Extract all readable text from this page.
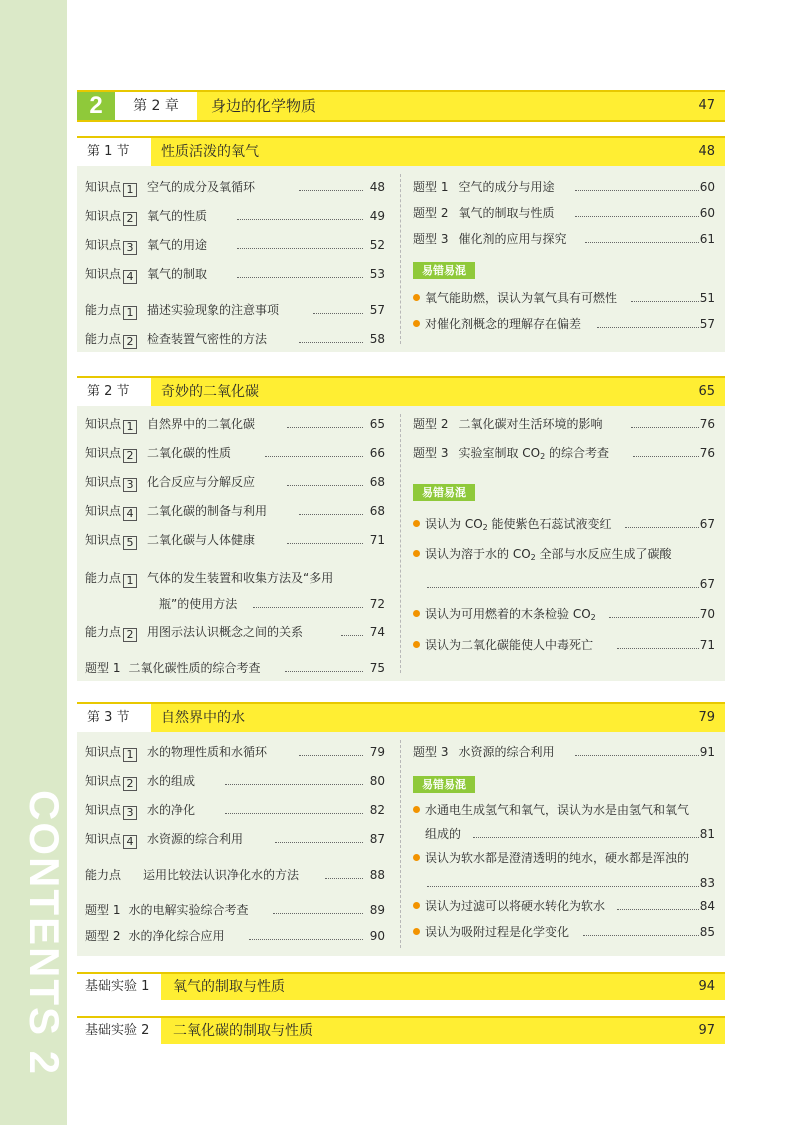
CONTENTS 2
2	第 2 章	身边的化学物质	47
第 1 节	性质活泼的氧气	48
知识点 1 空气的成分及氧循环	48
知识点 2 氧气的性质	49
知识点 3 氧气的用途	52
知识点 4 氧气的制取	53
能力点 1 描述实验现象的注意事项	57
能力点 2 检查装置气密性的方法	58
题型 1 空气的成分与用途	60
题型 2 氧气的制取与性质	60
题型 3 催化剂的应用与探究	61
易错易混
氧气能助燃，误认为氧气具有可燃性	51
对催化剂概念的理解存在偏差	57
第 2 节	奇妙的二氧化碳	65
知识点 1 自然界中的二氧化碳	65
知识点 2 二氧化碳的性质	66
知识点 3 化合反应与分解反应	68
知识点 4 二氧化碳的制备与利用	68
知识点 5 二氧化碳与人体健康	71
能力点 1 气体的发生装置和收集方法及“多用
瓶”的使用方法	72
能力点 2 用图示法认识概念之间的关系	74
题型 1 二氧化碳性质的综合考查	75
题型 2 二氧化碳对生活环境的影响	76
题型 3 实验室制取 $CO_2$ 的综合考查	76
易错易混
误认为 $CO_2$ 能使紫色石蕊试液变红	67
误认为溶于水的 $CO_2$ 全部与水反应生成了碳酸
67
误认为可用燃着的木条检验 $CO_2$	70
误认为二氧化碳能使人中毒死亡	71
第 3 节	自然界中的水	79
知识点 1 水的物理性质和水循环	79
知识点 2 水的组成	80
知识点 3 水的净化	82
知识点 4 水资源的综合利用	87
能力点 运用比较法认识净化水的方法	88
题型 1 水的电解实验综合考查	89
题型 2 水的净化综合应用	90
题型 3 水资源的综合利用	91
易错易混
水通电生成氢气和氧气，误认为水是由氢气和氧气
组成的	81
误认为软水都是澄清透明的纯水，硬水都是浑浊的
83
误认为过滤可以将硬水转化为软水	84
误认为吸附过程是化学变化	85
基础实验 1	氧气的制取与性质	94
基础实验 2	二氧化碳的制取与性质	97
